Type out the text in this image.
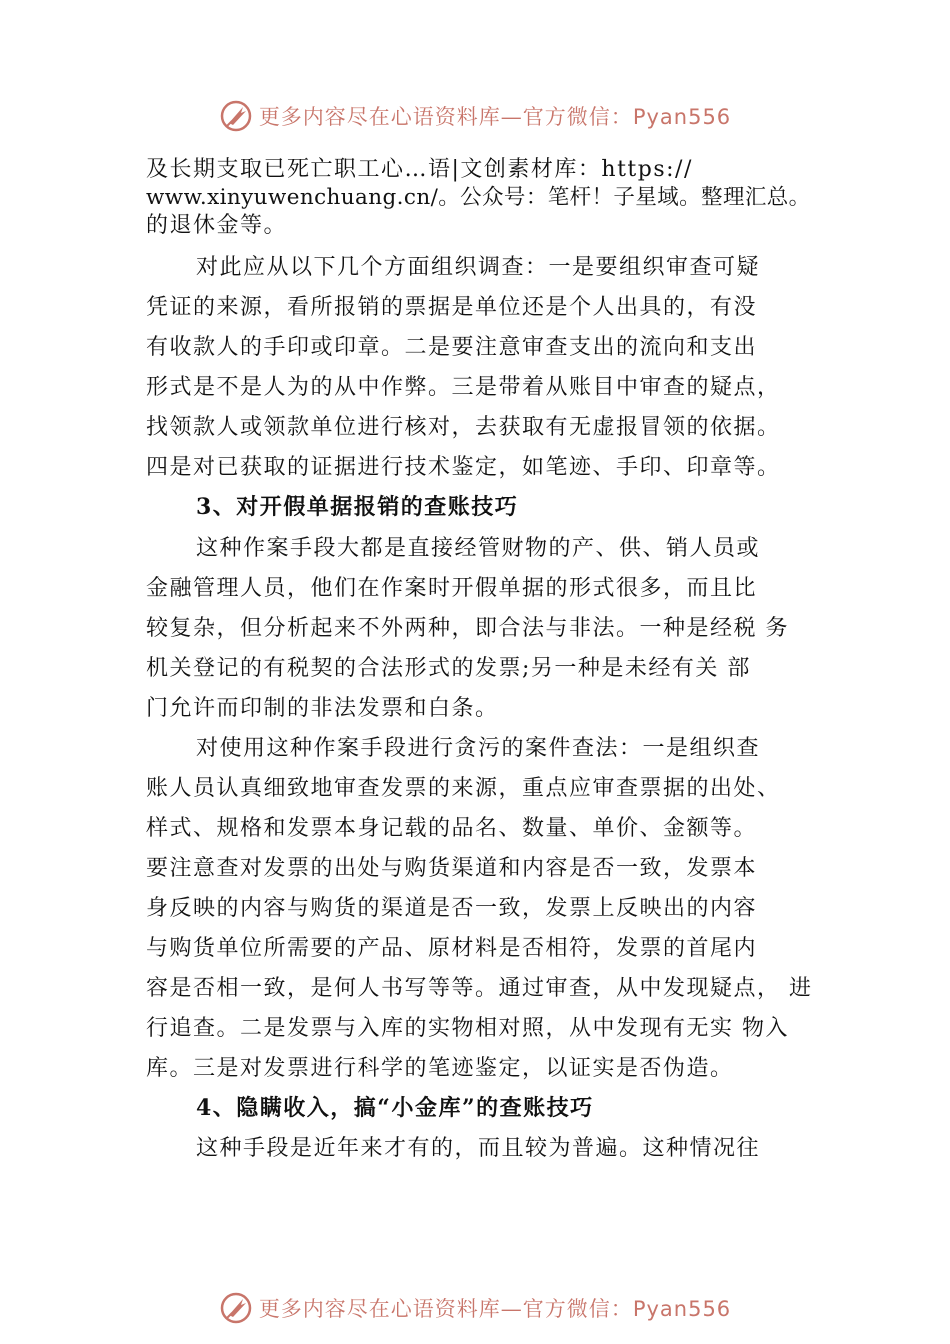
更多内容尽在心语资料库—官方微信：Pyan556
及长期支取已死亡职工心…语|文创素材库：https://
www.xinyuwenchuang.cn/。公众号：笔杆！子星域。整理汇总。
的退休金等。
对此应从以下几个方面组织调查：一是要组织审查可疑
凭证的来源，看所报销的票据是单位还是个人出具的，有没
有收款人的手印或印章。二是要注意审查支出的流向和支出
形式是不是人为的从中作弊。三是带着从账目中审查的疑点，
找领款人或领款单位进行核对，去获取有无虚报冒领的依据。
四是对已获取的证据进行技术鉴定，如笔迹、手印、印章等。
3、对开假单据报销的查账技巧
这种作案手段大都是直接经管财物的产、供、销人员或
金融管理人员，他们在作案时开假单据的形式很多，而且比
较复杂，但分析起来不外两种，即合法与非法。一种是经税 务
机关登记的有税契的合法形式的发票;另一种是未经有关 部
门允许而印制的非法发票和白条。
对使用这种作案手段进行贪污的案件查法：一是组织查
账人员认真细致地审查发票的来源，重点应审查票据的出处、
样式、规格和发票本身记载的品名、数量、单价、金额等。
要注意查对发票的出处与购货渠道和内容是否一致，发票本
身反映的内容与购货的渠道是否一致，发票上反映出的内容
与购货单位所需要的产品、原材料是否相符，发票的首尾内
容是否相一致，是何人书写等等。通过审查，从中发现疑点， 进
行追查。二是发票与入库的实物相对照，从中发现有无实 物入
库。三是对发票进行科学的笔迹鉴定，以证实是否伪造。
4、隐瞒收入，搞“小金库”的查账技巧
这种手段是近年来才有的，而且较为普遍。这种情况往
更多内容尽在心语资料库—官方微信：Pyan556
